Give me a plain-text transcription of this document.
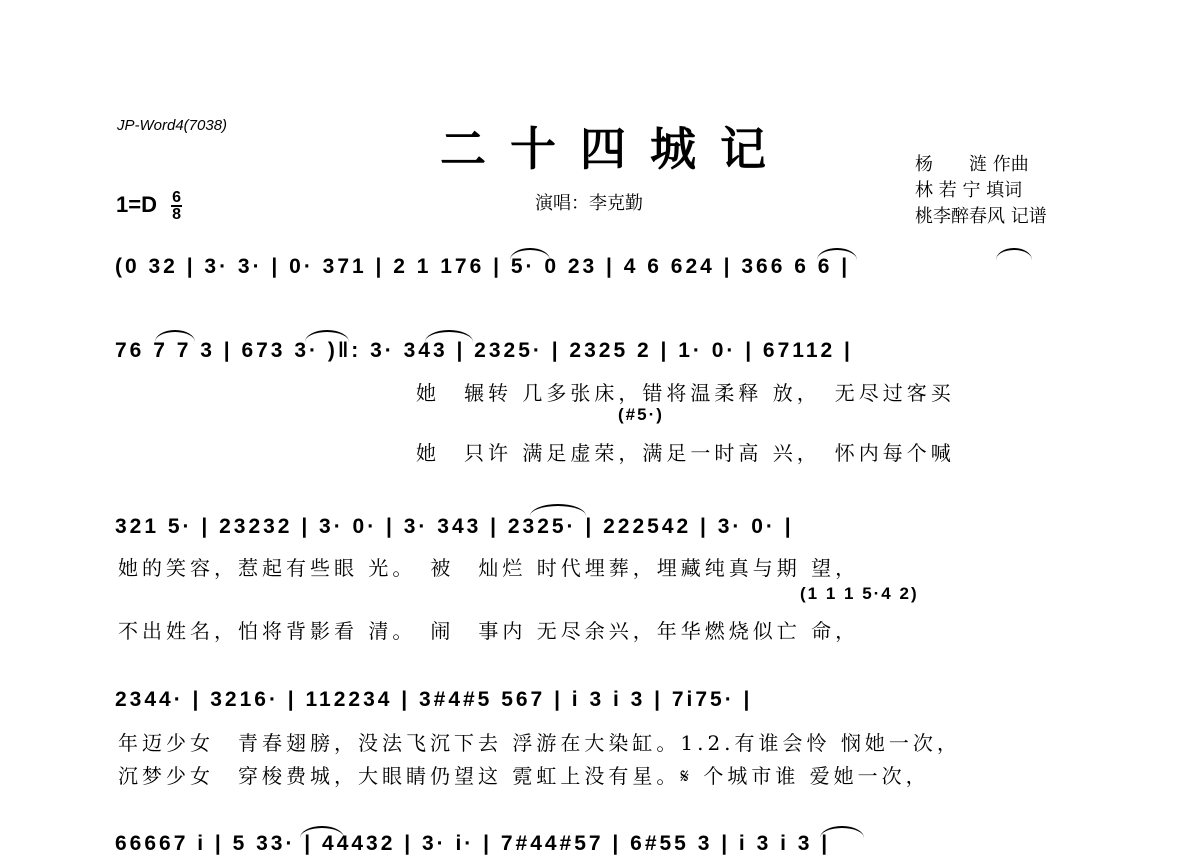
JP-Word4(7038)	二十四城记
$1=D \frac{6}{8}$	演唱：李克勤
杨　　涟 作曲
林 若 宁 填词
桃李醉春风 记谱
(0 32 | 3· 3· | 0· 371 | 2 1 176 | 5· 0 23 | 4 6 624 | 366 6 6 |
76 7 7 3 | 673 3· )‖: 3· 343 | 2325· | 2325 2 | 1· 0· | 67112 |
她　辗转 几多张床，错将温柔释 放，　无尽过客买
(#5·)
她　只许 满足虚荣，满足一时高 兴，　怀内每个喊
321 5· | 23232 | 3· 0· | 3· 343 | 2325· | 222542 | 3· 0· |
她的笑容，惹起有些眼 光。　被　灿烂 时代埋葬，埋藏纯真与期 望，
(1 1 1 5·4 2)
不出姓名，怕将背影看 清。　闹　事内 无尽余兴，年华燃烧似亡 命，
2344· | 3216· | 112234 | 3#4#5 567 | i 3 i 3 | 7i75· |
年迈少女　青春翅膀，没法飞沉下去 浮游在大染缸。1.2.有谁会怜 悯她一次，
沉梦少女　穿梭费城，大眼睛仍望这 霓虹上没有星。𝄋 个城市谁 爱她一次，
66667 i | 5 33· | 44432 | 3· i· | 7#44#57 | 6#55 3 | i 3 i 3 |
